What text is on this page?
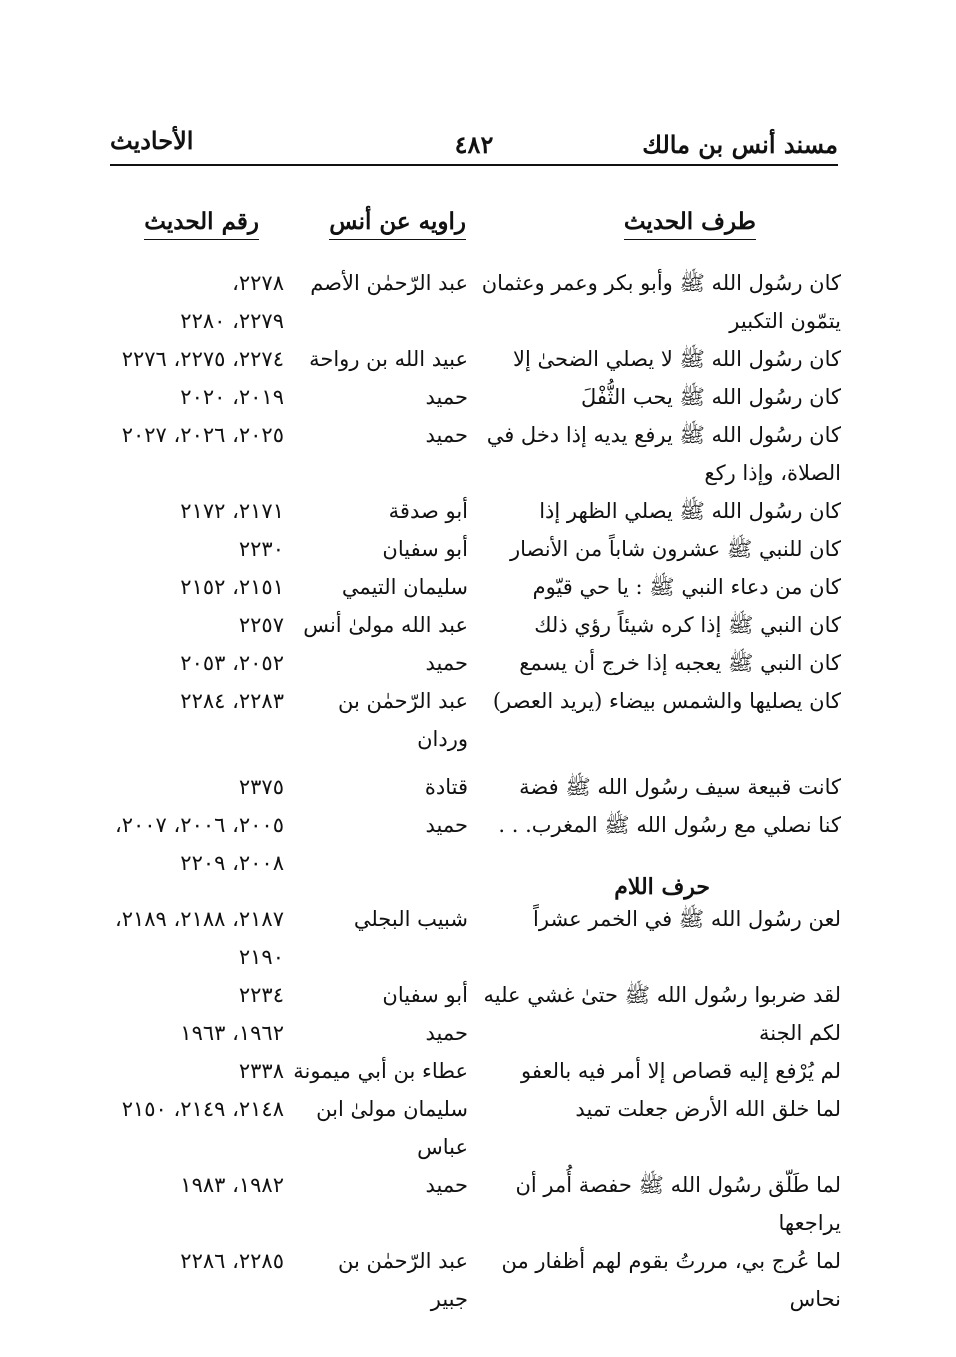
مسند أنس بن مالك
٤٨٢
الأحاديث
طرف الحديث
راويه عن أنس
رقم الحديث
كان رسُول الله ﷺ وأبو بكر وعمر وعثمان
عبد الرّحمٰن الأصم
٢٢٧٨،
يتمّون التكبير
٢٢٧٩، ٢٢٨٠
كان رسُول الله ﷺ لا يصلي الضحىٰ إلا
عبيد الله بن رواحة
٢٢٧٤، ٢٢٧٥، ٢٢٧٦
كان رسُول الله ﷺ يحب الثُّفْلَ
حميد
٢٠١٩، ٢٠٢٠
كان رسُول الله ﷺ يرفع يديه إذا دخل في
حميد
٢٠٢٥، ٢٠٢٦، ٢٠٢٧
الصلاة، وإذا ركع
كان رسُول الله ﷺ يصلي الظهر إذا
أبو صدقة
٢١٧١، ٢١٧٢
كان للنبي ﷺ عشرون شاباً من الأنصار
أبو سفيان
٢٢٣٠
كان من دعاء النبي ﷺ : يا حي قيّوم
سليمان التيمي
٢١٥١، ٢١٥٢
كان النبي ﷺ إذا كره شيئاً رؤي ذلك
عبد الله مولىٰ أنس
٢٢٥٧
كان النبي ﷺ يعجبه إذا خرج أن يسمع
حميد
٢٠٥٢، ٢٠٥٣
كان يصليها والشمس بيضاء (يريد العصر)
عبد الرّحمٰن بن
٢٢٨٣، ٢٢٨٤
وردان
كانت قبيعة سيف رسُول الله ﷺ فضة
قتادة
٢٣٧٥
كنا نصلي مع رسُول الله ﷺ المغرب. . .
حميد
٢٠٠٥، ٢٠٠٦، ٢٠٠٧،
٢٠٠٨، ٢٢٠٩
لعن رسُول الله ﷺ في الخمر عشراً
شبيب البجلي
٢١٨٧، ٢١٨٨، ٢١٨٩،
٢١٩٠
لقد ضربوا رسُول الله ﷺ حتىٰ غشي عليه
أبو سفيان
٢٢٣٤
لكم الجنة
حميد
١٩٦٢، ١٩٦٣
لم يُرْفع إليه قصاص إلا أمر فيه بالعفو
عطاء بن أبي ميمونة
٢٣٣٨
لما خلق الله الأرض جعلت تميد
سليمان مولىٰ ابن
٢١٤٨، ٢١٤٩، ٢١٥٠
عباس
لما طَلّق رسُول الله ﷺ حفصة أُمر أن
حميد
١٩٨٢، ١٩٨٣
يراجعها
لما عُرج بي، مررتُ بقوم لهم أظفار من
عبد الرّحمٰن بن
٢٢٨٥، ٢٢٨٦
نحاس
جبير
حرف اللام
